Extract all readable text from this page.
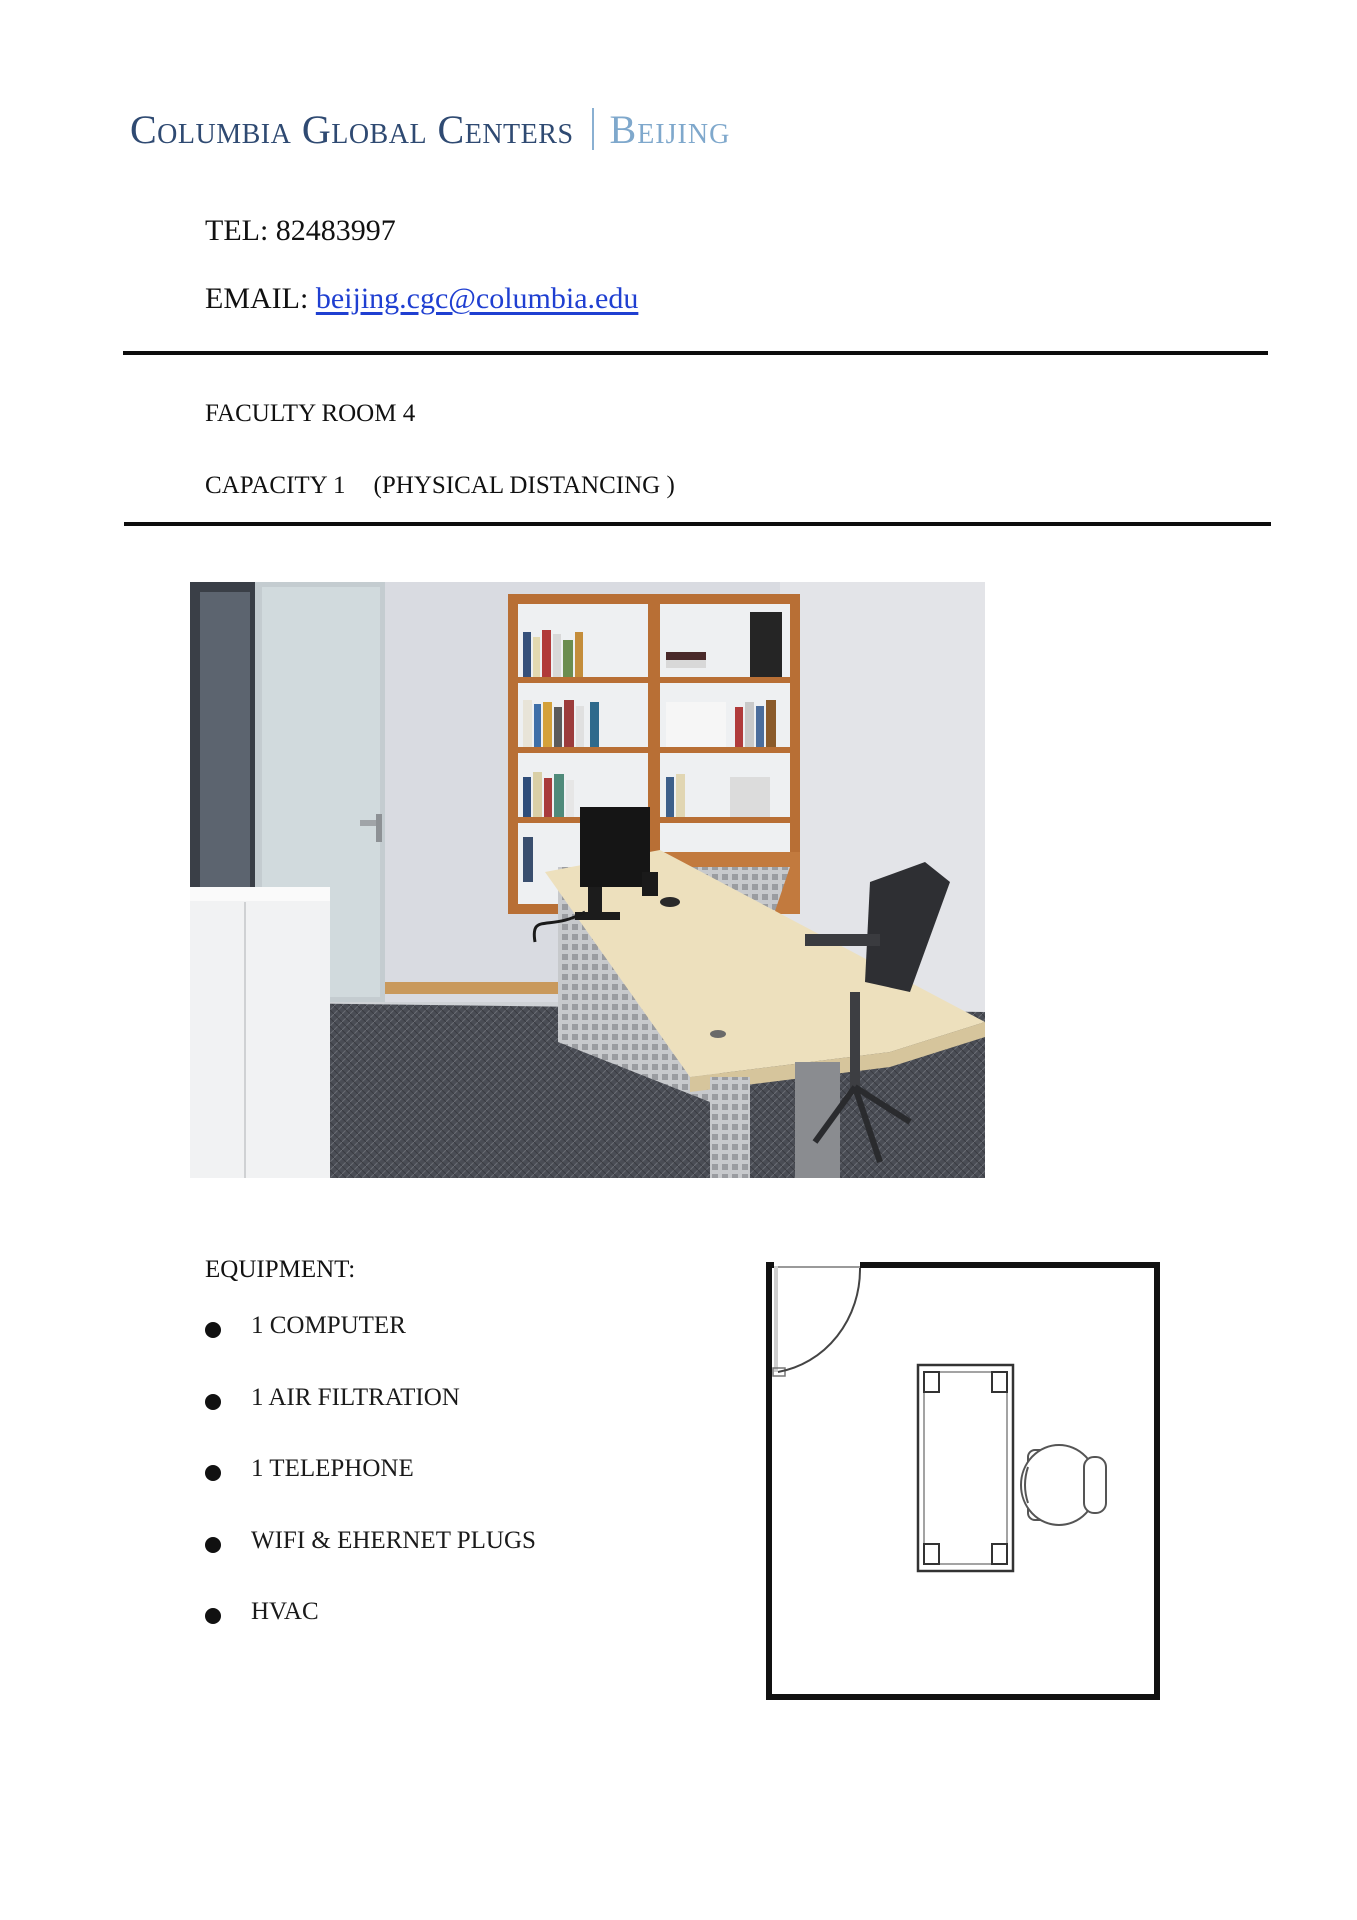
Columbia Global Centers Beijing
TEL: 82483997
EMAIL: beijing.cgc@columbia.edu
FACULTY ROOM 4
CAPACITY 1 (PHYSICAL DISTANCING )
EQUIPMENT:
1 COMPUTER
1 AIR FILTRATION
1 TELEPHONE
WIFI & EHERNET PLUGS
HVAC
